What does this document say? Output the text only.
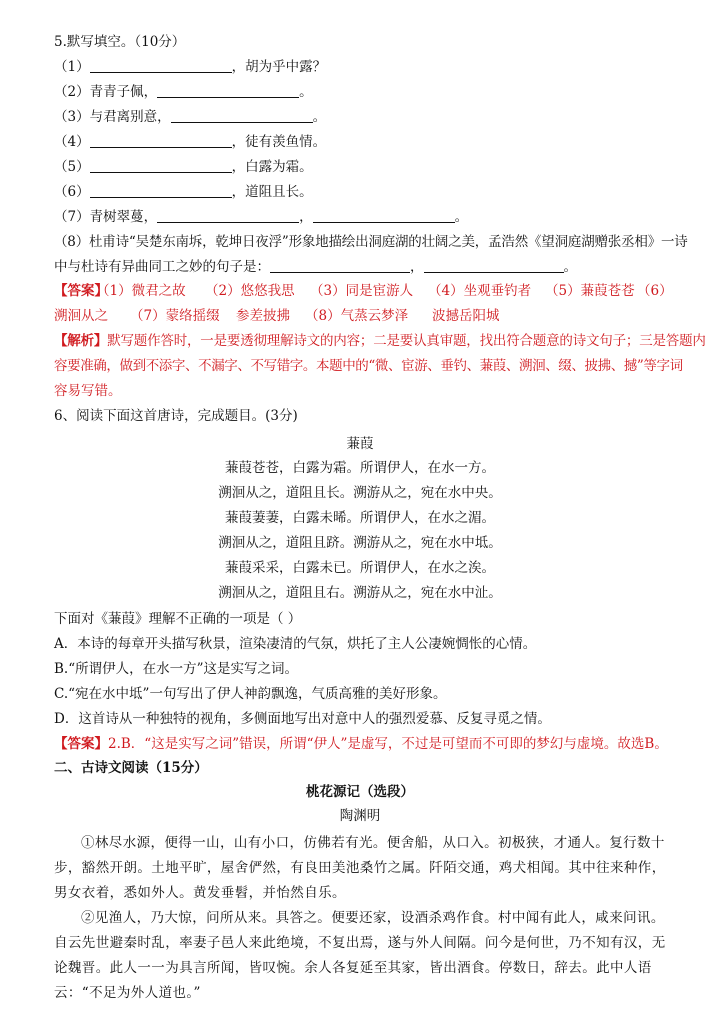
5.默写填空。（10分）
（1）	，胡为乎中露？
（2）青青子佩，	。
（3）与君离别意，	。
（4）	，徒有羡鱼情。
（5）	，白露为霜。
（6）	，道阻且长。
（7）青树翠蔓，	，	。
（8）杜甫诗“吴楚东南坼，乾坤日夜浮”形象地描绘出洞庭湖的壮阔之美，孟浩然《望洞庭湖赠张丞相》一诗
中与杜诗有异曲同工之妙的句子是：	，	。
【答案】
（1）微君之故 （2）悠悠我思 （3）同是宦游人 （4）坐观垂钓者 （5）蒹葭苍苍 （6）
溯洄从之 （7）蒙络摇缀 参差披拂 （8）气蒸云梦泽 波撼岳阳城
【解析】默写题作答时，一是要透彻理解诗文的内容；二是要认真审题，找出符合题意的诗文句子；三是答题内
容要准确，做到不添字、不漏字、不写错字。本题中的“微、宦游、垂钓、蒹葭、溯洄、缀、披拂、撼”等字词
容易写错。
6、阅读下面这首唐诗，完成题目。(3分)
蒹葭
蒹葭苍苍，白露为霜。所谓伊人，在水一方。
溯洄从之，道阻且长。溯游从之，宛在水中央。
蒹葭萋萋，白露未晞。所谓伊人，在水之湄。
溯洄从之，道阻且跻。溯游从之，宛在水中坻。
蒹葭采采，白露未已。所谓伊人，在水之涘。
溯洄从之，道阻且右。溯游从之，宛在水中沚。
下面对《蒹葭》理解不正确的一项是（ ）
A．本诗的每章开头描写秋景，渲染凄清的气氛，烘托了主人公凄婉惆怅的心情。
B.“所谓伊人，在水一方”这是实写之词。
C.“宛在水中坻”一句写出了伊人神韵飘逸，气质高雅的美好形象。
D．这首诗从一种独特的视角，多侧面地写出对意中人的强烈爱慕、反复寻觅之情。
【答案】2.B．“这是实写之词”错误，所谓“伊人”是虚写，不过是可望而不可即的梦幻与虚境。故选B。
二、古诗文阅读（15分）
桃花源记（选段）
陶渊明
①林尽水源，便得一山，山有小口，仿佛若有光。便舍船，从口入。初极狭，才通人。复行数十步，豁然开朗。土地平旷，屋舍俨然，有良田美池桑竹之属。阡陌交通，鸡犬相闻。其中往来种作，男女衣着，悉如外人。黄发垂髫，并怡然自乐。
②见渔人，乃大惊，问所从来。具答之。便要还家，设酒杀鸡作食。村中闻有此人，咸来问讯。自云先世避秦时乱，率妻子邑人来此绝境，不复出焉，遂与外人间隔。问今是何世，乃不知有汉，无论魏晋。此人一一为具言所闻，皆叹惋。余人各复延至其家，皆出酒食。停数日，辞去。此中人语云：“不足为外人道也。”
